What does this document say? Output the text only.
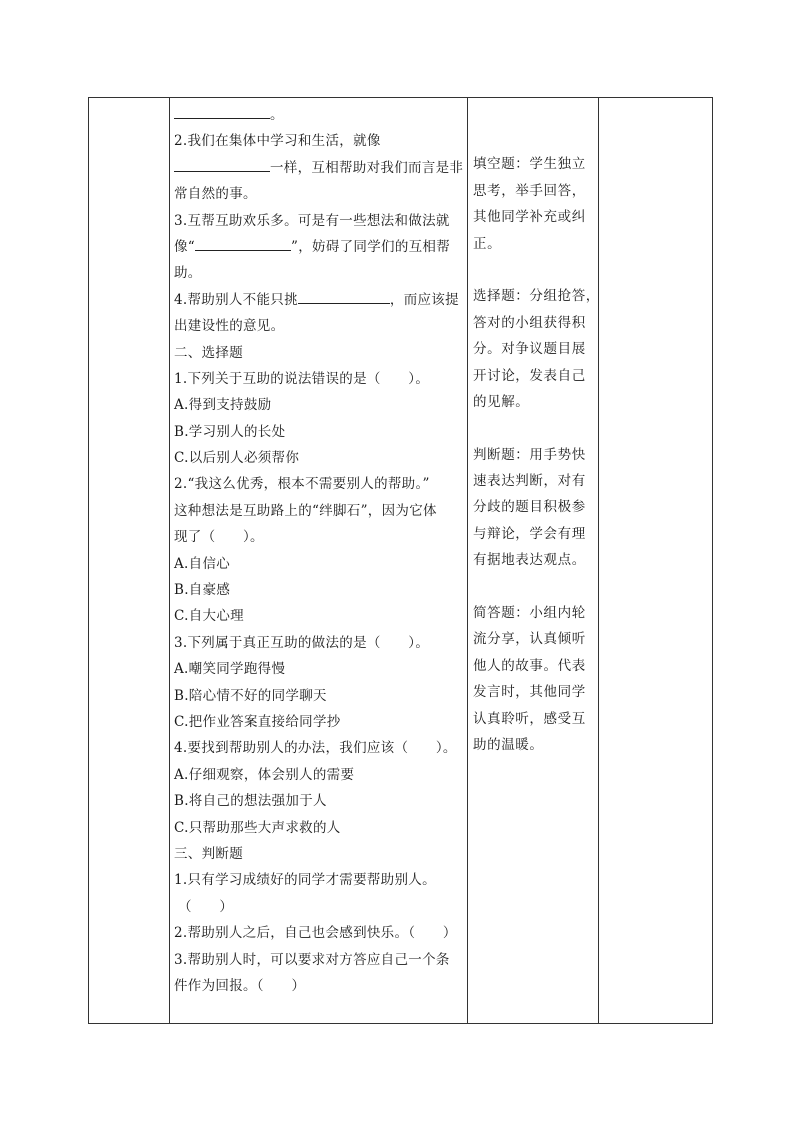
。
2.我们在集体中学习和生活，就像
一样，互相帮助对我们而言是非
常自然的事。
3.互帮互助欢乐多。可是有一些想法和做法就
像“	”，妨碍了同学们的互相帮
助。
4.帮助别人不能只挑	，而应该提
出建设性的意见。
二、选择题
1.下列关于互助的说法错误的是（　　）。
A.得到支持鼓励
B.学习别人的长处
C.以后别人必须帮你
2.“我这么优秀，根本不需要别人的帮助。”
这种想法是互助路上的“绊脚石”，因为它体
现了（　　）。
A.自信心
B.自豪感
C.自大心理
3.下列属于真正互助的做法的是（　　）。
A.嘲笑同学跑得慢
B.陪心情不好的同学聊天
C.把作业答案直接给同学抄
4.要找到帮助别人的办法，我们应该（　　）。
A.仔细观察，体会别人的需要
B.将自己的想法强加于人
C.只帮助那些大声求救的人
三、判断题
1.只有学习成绩好的同学才需要帮助别人。
（　　）
2.帮助别人之后，自己也会感到快乐。（　　）
3.帮助别人时，可以要求对方答应自己一个条
件作为回报。（　　）
填空题：学生独立
思考，举手回答，
其他同学补充或纠
正。
选择题：分组抢答，
答对的小组获得积
分。对争议题目展
开讨论，发表自己
的见解。
判断题：用手势快
速表达判断，对有
分歧的题目积极参
与辩论，学会有理
有据地表达观点。
简答题：小组内轮
流分享，认真倾听
他人的故事。代表
发言时，其他同学
认真聆听，感受互
助的温暖。
